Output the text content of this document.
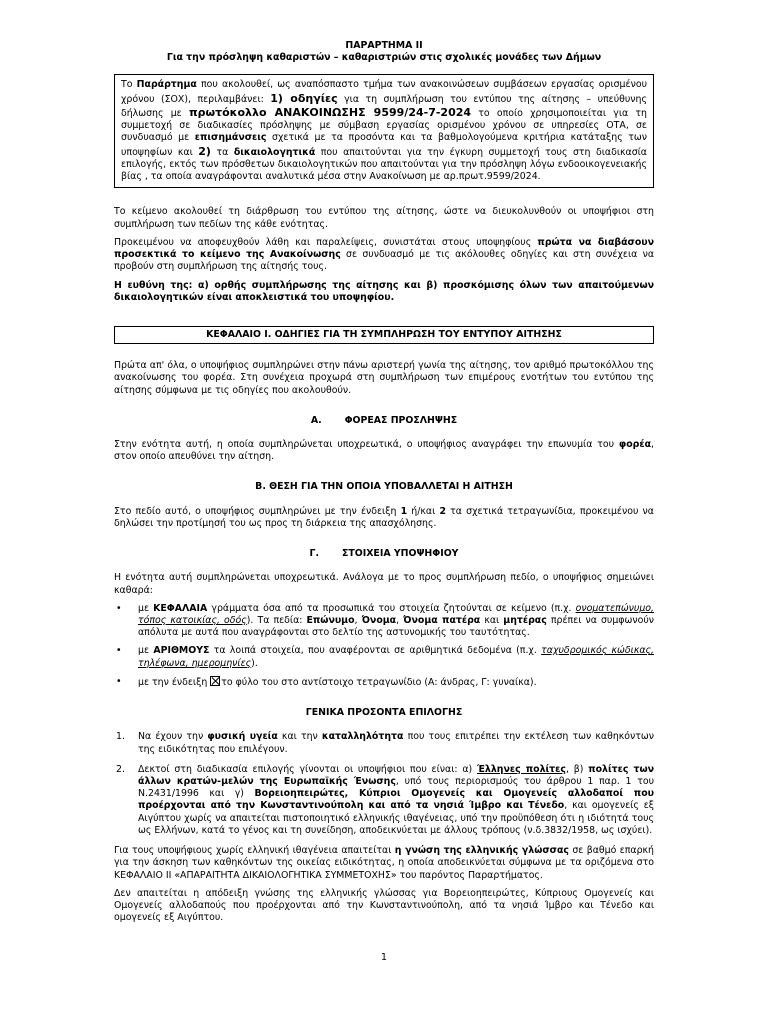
ΠΑΡΑΡΤΗΜΑ ΙΙ
Για την πρόσληψη καθαριστών – καθαριστριών στις σχολικές μονάδες των Δήμων
Το Παράρτημα που ακολουθεί, ως αναπόσπαστο τμήμα των ανακοινώσεων συμβάσεων εργασίας ορισμένου χρόνου (ΣΟΧ), περιλαμβάνει: 1) οδηγίες για τη συμπλήρωση του εντύπου της αίτησης – υπεύθυνης δήλωσης με πρωτόκολλο ΑΝΑΚΟΙΝΩΣΗΣ 9599/24-7-2024 το οποίο χρησιμοποιείται για τη συμμετοχή σε διαδικασίες πρόσληψης με σύμβαση εργασίας ορισμένου χρόνου σε υπηρεσίες ΟΤΑ, σε συνδυασμό με επισημάνσεις σχετικά με τα προσόντα και τα βαθμολογούμενα κριτήρια κατάταξης των υποψηφίων και 2) τα δικαιολογητικά που απαιτούνται για την έγκυρη συμμετοχή τους στη διαδικασία επιλογής, εκτός των πρόσθετων δικαιολογητικών που απαιτούνται για την πρόσληψη λόγω ενδοοικογενειακής βίας , τα οποία αναγράφονται αναλυτικά μέσα στην Ανακοίνωση με αρ.πρωτ.9599/2024.

Το κείμενο ακολουθεί τη διάρθρωση του εντύπου της αίτησης, ώστε να διευκολυνθούν οι υποψήφιοι στη συμπλήρωση των πεδίων της κάθε ενότητας.

Προκειμένου να αποφευχθούν λάθη και παραλείψεις, συνιστάται στους υποψηφίους πρώτα να διαβάσουν προσεκτικά το κείμενο της Ανακοίνωσης σε συνδυασμό με τις ακόλουθες οδηγίες και στη συνέχεια να προβούν στη συμπλήρωση της αίτησής τους.

Η ευθύνη της: α) ορθής συμπλήρωσης της αίτησης και β) προσκόμισης όλων των απαιτούμενων δικαιολογητικών είναι αποκλειστικά του υποψηφίου.

ΚΕΦΑΛΑΙΟ Ι. ΟΔΗΓΙΕΣ ΓΙΑ ΤΗ ΣΥΜΠΛΗΡΩΣΗ ΤΟΥ ΕΝΤΥΠΟΥ ΑΙΤΗΣΗΣ

Πρώτα απ' όλα, ο υποψήφιος συμπληρώνει στην πάνω αριστερή γωνία της αίτησης, τον αριθμό πρωτοκόλλου της ανακοίνωσης του φορέα. Στη συνέχεια προχωρά στη συμπλήρωση των επιμέρους ενοτήτων του εντύπου της αίτησης σύμφωνα με τις οδηγίες που ακολουθούν.

Α. ΦΟΡΕΑΣ ΠΡΟΣΛΗΨΗΣ

Στην ενότητα αυτή, η οποία συμπληρώνεται υποχρεωτικά, ο υποψήφιος αναγράφει την επωνυμία του φορέα, στον οποίο απευθύνει την αίτηση.

Β. ΘΕΣΗ ΓΙΑ ΤΗΝ ΟΠΟΙΑ ΥΠΟΒΑΛΛΕΤΑΙ Η ΑΙΤΗΣΗ

Στο πεδίο αυτό, ο υποψήφιος συμπληρώνει με την ένδειξη 1 ή/και 2 τα σχετικά τετραγωνίδια, προκειμένου να δηλώσει την προτίμησή του ως προς τη διάρκεια της απασχόλησης.

Γ. ΣΤΟΙΧΕΙΑ ΥΠΟΨΗΦΙΟΥ

Η ενότητα αυτή συμπληρώνεται υποχρεωτικά. Ανάλογα με το προς συμπλήρωση πεδίο, ο υποψήφιος σημειώνει καθαρά:

• με ΚΕΦΑΛΑΙΑ γράμματα όσα από τα προσωπικά του στοιχεία ζητούνται σε κείμενο (π.χ. ονοματεπώνυμο, τόπος κατοικίας, οδός). Τα πεδία: Επώνυμο, Όνομα, Όνομα πατέρα και μητέρας πρέπει να συμφωνούν απόλυτα με αυτά που αναγράφονται στο δελτίο της αστυνομικής του ταυτότητας.
• με ΑΡΙΘΜΟΥΣ τα λοιπά στοιχεία, που αναφέρονται σε αριθμητικά δεδομένα (π.χ. ταχυδρομικός κώδικας, τηλέφωνα, ημερομηνίες).
• με την ένδειξη το φύλο του στο αντίστοιχο τετραγωνίδιο (Α: άνδρας, Γ: γυναίκα).
ΓΕΝΙΚΑ ΠΡΟΣΟΝΤΑ ΕΠΙΛΟΓΗΣ
1. Να έχουν την φυσική υγεία και την καταλληλότητα που τους επιτρέπει την εκτέλεση των καθηκόντων της ειδικότητας που επιλέγουν.
2. Δεκτοί στη διαδικασία επιλογής γίνονται οι υποψήφιοι που είναι: α) Έλληνες πολίτες, β) πολίτες των άλλων κρατών-μελών της Ευρωπαϊκής Ένωσης, υπό τους περιορισμούς του άρθρου 1 παρ. 1 του Ν.2431/1996 και γ) Βορειοηπειρώτες, Κύπριοι Ομογενείς και Ομογενείς αλλοδαποί που προέρχονται από την Κωνσταντινούπολη και από τα νησιά Ίμβρο και Τένεδο, και ομογενείς εξ Αιγύπτου χωρίς να απαιτείται πιστοποιητικό ελληνικής ιθαγένειας, υπό την προϋπόθεση ότι η ιδιότητά τους ως Ελλήνων, κατά το γένος και τη συνείδηση, αποδεικνύεται με άλλους τρόπους (ν.δ.3832/1958, ως ισχύει).

Για τους υποψήφιους χωρίς ελληνική ιθαγένεια απαιτείται η γνώση της ελληνικής γλώσσας σε βαθμό επαρκή για την άσκηση των καθηκόντων της οικείας ειδικότητας, η οποία αποδεικνύεται σύμφωνα με τα οριζόμενα στο ΚΕΦΑΛΑΙΟ ΙΙ «ΑΠΑΡΑΙΤΗΤΑ ΔΙΚΑΙΟΛΟΓΗΤΙΚΑ ΣΥΜΜΕΤΟΧΗΣ» του παρόντος Παραρτήματος.

Δεν απαιτείται η απόδειξη γνώσης της ελληνικής γλώσσας για Βορειοηπειρώτες, Κύπριους Ομογενείς και Ομογενείς αλλοδαπούς που προέρχονται από την Κωνσταντινούπολη, από τα νησιά Ίμβρο και Τένεδο και ομογενείς εξ Αιγύπτου.

1
